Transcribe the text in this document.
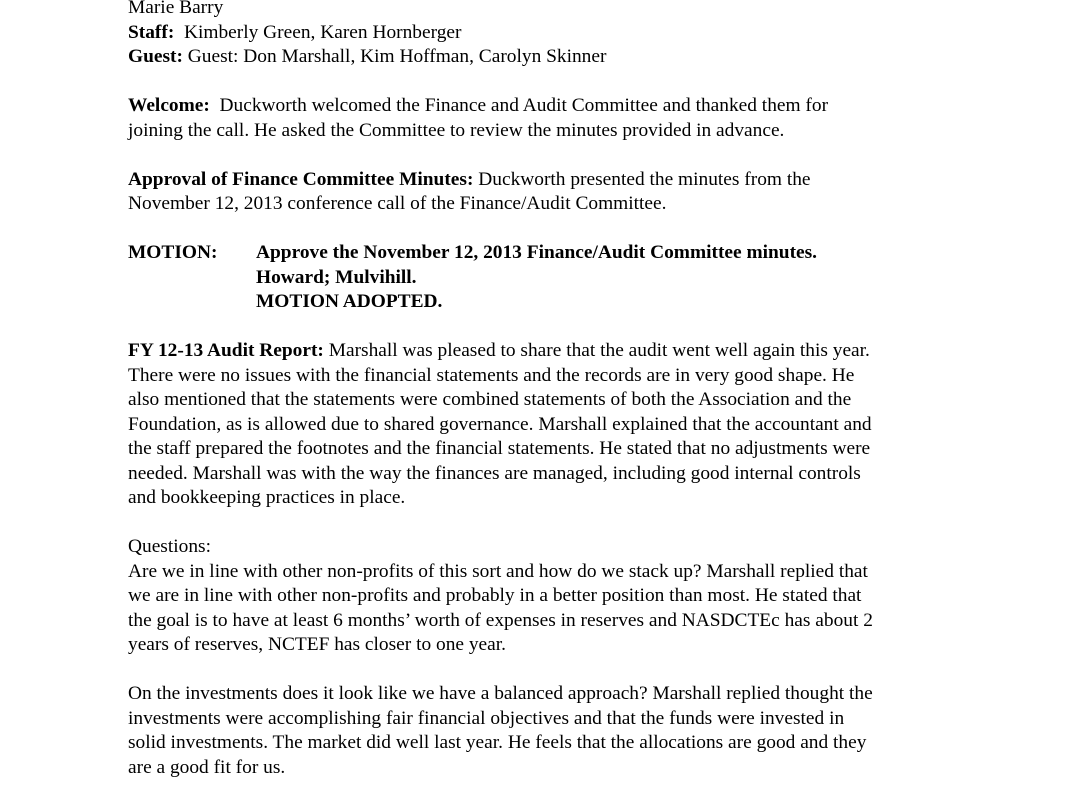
Marie Barry
Staff: Kimberly Green, Karen Hornberger
Guest: Guest: Don Marshall, Kim Hoffman, Carolyn Skinner
Welcome: Duckworth welcomed the Finance and Audit Committee and thanked them for
joining the call. He asked the Committee to review the minutes provided in advance.
Approval of Finance Committee Minutes: Duckworth presented the minutes from the
November 12, 2013 conference call of the Finance/Audit Committee.
MOTION:	Approve the November 12, 2013 Finance/Audit Committee minutes.
Howard; Mulvihill.
MOTION ADOPTED.
FY 12-13 Audit Report: Marshall was pleased to share that the audit went well again this year.
There were no issues with the financial statements and the records are in very good shape. He
also mentioned that the statements were combined statements of both the Association and the
Foundation, as is allowed due to shared governance. Marshall explained that the accountant and
the staff prepared the footnotes and the financial statements. He stated that no adjustments were
needed. Marshall was with the way the finances are managed, including good internal controls
and bookkeeping practices in place.
Questions:
Are we in line with other non-profits of this sort and how do we stack up? Marshall replied that
we are in line with other non-profits and probably in a better position than most. He stated that
the goal is to have at least 6 months’ worth of expenses in reserves and NASDCTEc has about 2
years of reserves, NCTEF has closer to one year.
On the investments does it look like we have a balanced approach? Marshall replied thought the
investments were accomplishing fair financial objectives and that the funds were invested in
solid investments. The market did well last year. He feels that the allocations are good and they
are a good fit for us.
